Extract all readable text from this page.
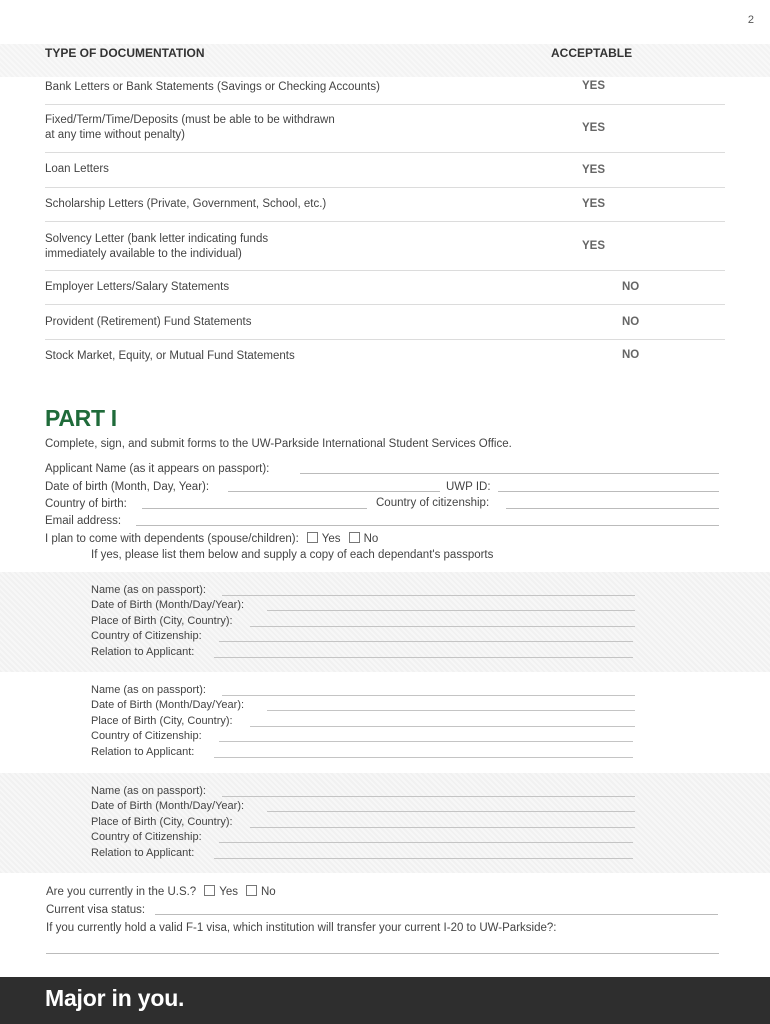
2
TYPE OF DOCUMENTATION	ACCEPTABLE
Bank Letters or Bank Statements (Savings or Checking Accounts)	YES
Fixed/Term/Time/Deposits (must be able to be withdrawn
at any time without penalty)
YES
Loan Letters	YES
Scholarship Letters (Private, Government, School, etc.)	YES
Solvency Letter (bank letter indicating funds
immediately available to the individual)
YES
Employer Letters/Salary Statements	NO
Provident (Retirement) Fund Statements	NO
Stock Market, Equity, or Mutual Fund Statements	NO
PART I
Complete, sign, and submit forms to the UW-Parkside International Student Services Office.
Applicant Name (as it appears on passport):
Date of birth (Month, Day, Year):	UWP ID:
Country of birth:	Country of citizenship:
Email address:
I plan to come with dependents (spouse/children): Yes No
If yes, please list them below and supply a copy of each dependant's passports
Name (as on passport):
Date of Birth (Month/Day/Year):
Place of Birth (City, Country):
Country of Citizenship:
Relation to Applicant:
Name (as on passport):
Date of Birth (Month/Day/Year):
Place of Birth (City, Country):
Country of Citizenship:
Relation to Applicant:
Name (as on passport):
Date of Birth (Month/Day/Year):
Place of Birth (City, Country):
Country of Citizenship:
Relation to Applicant:
Are you currently in the U.S.? Yes No
Current visa status:
If you currently hold a valid F-1 visa, which institution will transfer your current I-20 to UW-Parkside?:
Major in you.
